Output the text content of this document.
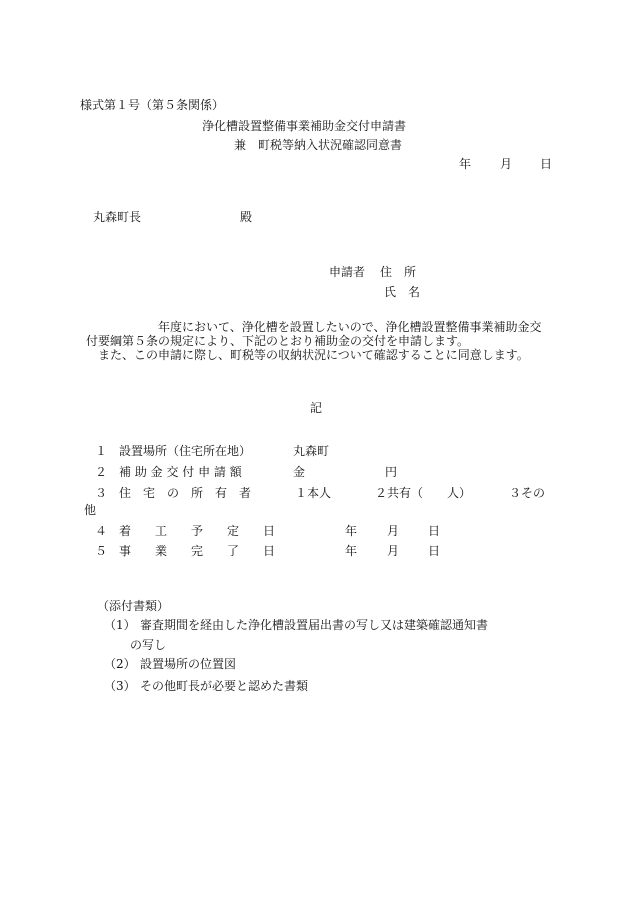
様式第１号（第５条関係）
浄化槽設置整備事業補助金交付申請書
兼　町税等納入状況確認同意書
年 月 日
丸森町長	殿
申請者 住　所
氏　名
　　　　　　年度において、浄化槽を設置したいので、浄化槽設置整備事業補助金交付要綱第５条の規定により、下記のとおり補助金の交付を申請します。
　また、この申請に際し、町税等の収納状況について確認することに同意します。
記
１ 設置場所（住宅所在地）	丸森町
２ 補 助 金 交 付 申 請 額	金	円
３ 住　宅　の　所　有　者	１本人	２共有（　　人）	３その
他
４ 着　　工　　予　　定　　日	年 月 日
５ 事　　業　　完　　了　　日	年 月 日
（添付書類）
（1） 審査期間を経由した浄化槽設置届出書の写し又は建築確認通知書
の写し
（2） 設置場所の位置図
（3） その他町長が必要と認めた書類
